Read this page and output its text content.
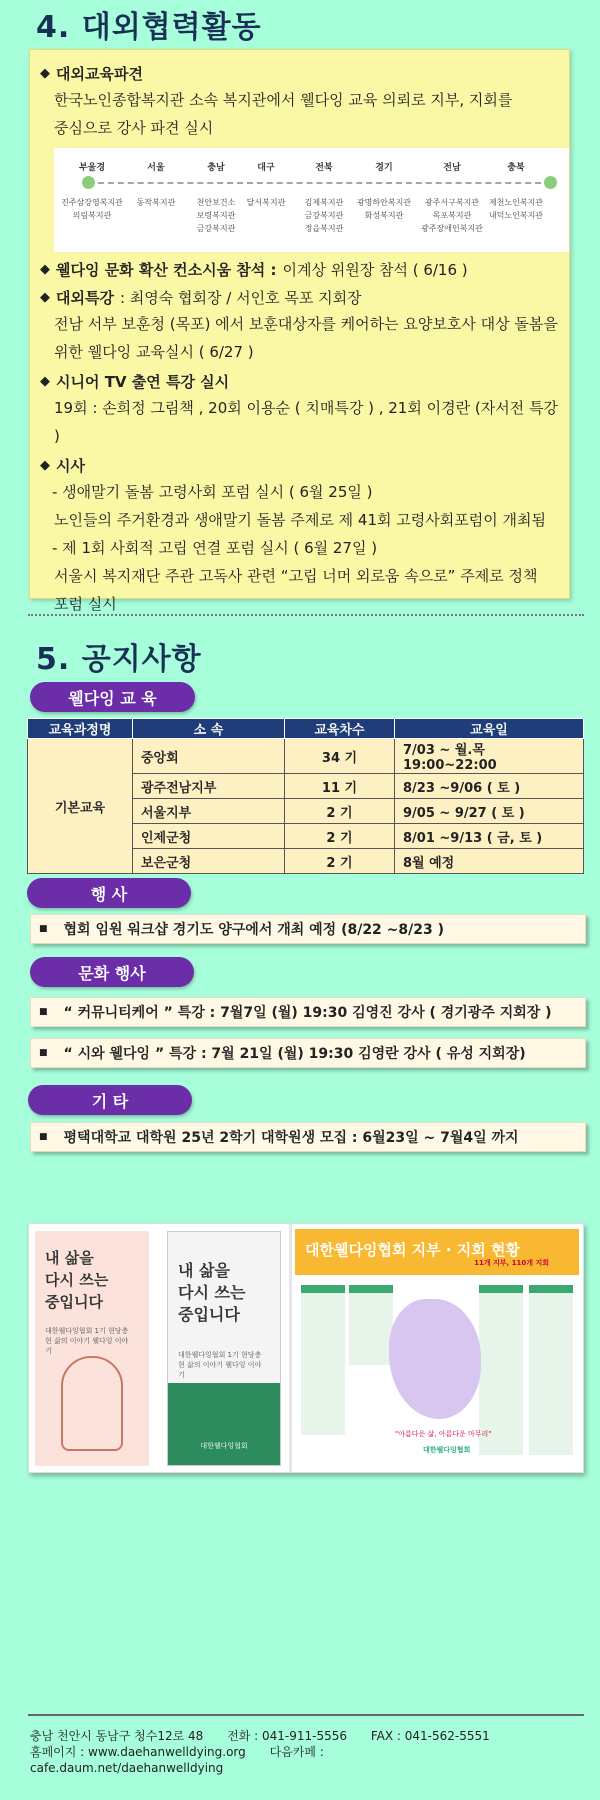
4. 대외협력활동
◆ 대외교육파견
한국노인종합복지관 소속 복지관에서 웰다잉 교육 의뢰로 지부, 지회를
중심으로 강사 파견 실시
부울경
진주삼강영복지관
의림복지관
서울
동작복지관
충남
천안보건소
보령복지관
금강복지관
대구
달서복지관
전북
김제복지관
금강복지관
정읍복지관
경기
광명하안복지관
화성복지관
전남
광주서구복지관
목포복지관
광주장애인복지관
충북
제천노인복지관
내덕노인복지관
◆ 웰다잉 문화 확산 컨소시움 참석 : 이계상 위원장 참석 ( 6/16 )
◆ 대외특강 : 최영숙 협회장 / 서인호 목포 지회장
전남 서부 보훈청 (목포) 에서 보훈대상자를 케어하는 요양보호사 대상 돌봄을
위한 웰다잉 교육실시 ( 6/27 )
◆ 시니어 TV 출연 특강 실시
19회 : 손희정 그림책 , 20회 이용순 ( 치매특강 ) , 21회 이경란 (자서전 특강 )
◆ 시사
- 생애말기 돌봄 고령사회 포럼 실시 ( 6월 25일 )
노인들의 주거환경과 생애말기 돌봄 주제로 제 41회 고령사회포럼이 개최됨
- 제 1회 사회적 고립 연결 포럼 실시 ( 6월 27일 )
서울시 복지재단 주관 고독사 관련 “고립 너머 외로움 속으로” 주제로 정책
포럼 실시
5. 공지사항
웰다잉 교 육
교육과정명	소 속	교육차수	교육일
기본교육	중앙회	34 기	7/03 ~ 월.목 19:00~22:00
	광주전남지부	11 기	8/23 ~9/06 ( 토 )
	서울지부	2 기	9/05 ~ 9/27 ( 토 )
	인제군청	2 기	8/01 ~9/13 ( 금, 토 )
	보은군청	2 기	8월 예정
행 사
■ 협회 임원 워크샵 경기도 양구에서 개최 예정 (8/22 ~8/23 )
문화 행사
■ “ 커뮤니티케어 ” 특강 : 7월7일 (월) 19:30 김영진 강사 ( 경기광주 지회장 )
■ “ 시와 웰다잉 ” 특강 : 7월 21일 (월) 19:30 김영란 강사 ( 유성 지회장)
기 타
■ 평택대학교 대학원 25년 2학기 대학원생 모집 : 6월23일 ~ 7월4일 까지
내 삶을
다시 쓰는
중입니다
대한웰다잉협회 1기 현당충현 삶의 이야기 웰다잉 이야기
내 삶을
다시 쓰는
중입니다
대한웰다잉협회 1기 현당충현 삶의 이야기 웰다잉 이야기
대한웰다잉협회
대한웰다잉협회 지부 · 지회 현황
11개 지부, 110개 지회
"아름다운 삶, 아름다운 마무리"
대한웰다잉협회
충남 천안시 동남구 청수12로 48 전화 : 041-911-5556 FAX : 041-562-5551
홈페이지 : www.daehanwelldying.org 다음카페 :
cafe.daum.net/daehanwelldying
